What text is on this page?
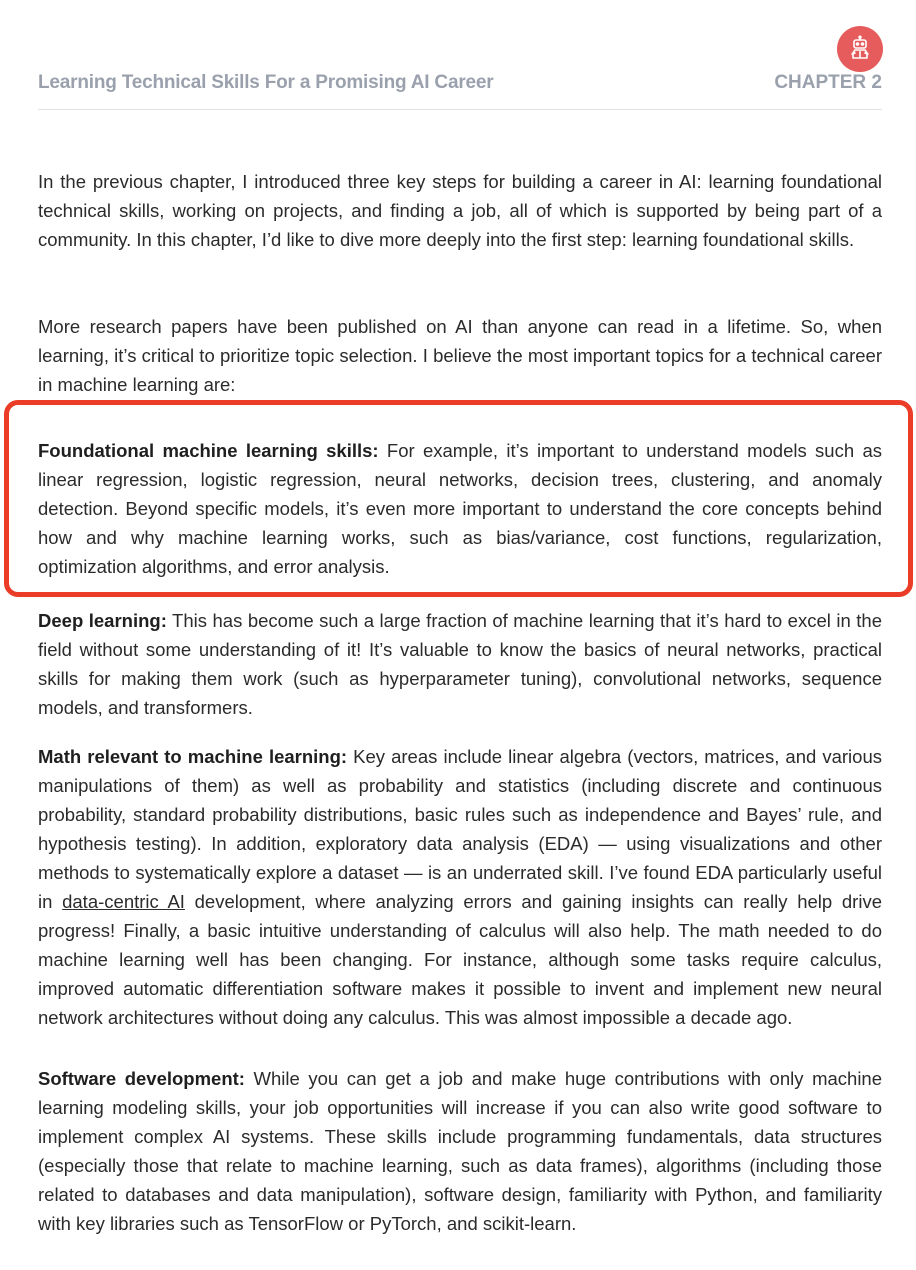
Learning Technical Skills For a Promising AI Career	CHAPTER 2

In the previous chapter, I introduced three key steps for building a career in AI: learning foundational technical skills, working on projects, and finding a job, all of which is supported by being part of a community. In this chapter, I’d like to dive more deeply into the first step: learning foundational skills.

More research papers have been published on AI than anyone can read in a lifetime. So, when learning, it’s critical to prioritize topic selection. I believe the most important topics for a technical career in machine learning are:

Foundational machine learning skills: For example, it’s important to understand models such as linear regression, logistic regression, neural networks, decision trees, clustering, and anomaly detection. Beyond specific models, it’s even more important to understand the core concepts behind how and why machine learning works, such as bias/variance, cost functions, regularization, optimization algorithms, and error analysis.

Deep learning: This has become such a large fraction of machine learning that it’s hard to excel in the field without some understanding of it! It’s valuable to know the basics of neural networks, practical skills for making them work (such as hyperparameter tuning), convolutional networks, sequence models, and transformers.

Math relevant to machine learning: Key areas include linear algebra (vectors, matrices, and various manipulations of them) as well as probability and statistics (including discrete and continuous probability, standard probability distributions, basic rules such as independence and Bayes’ rule, and hypothesis testing). In addition, exploratory data analysis (EDA) — using visualizations and other methods to systematically explore a dataset — is an underrated skill. I’ve found EDA particularly useful in data-centric AI development, where analyzing errors and gaining insights can really help drive progress! Finally, a basic intuitive understanding of calculus will also help. The math needed to do machine learning well has been changing. For instance, although some tasks require calculus, improved automatic differentiation software makes it possible to invent and implement new neural network architectures without doing any calculus. This was almost impossible a decade ago.

Software development: While you can get a job and make huge contributions with only machine learning modeling skills, your job opportunities will increase if you can also write good software to implement complex AI systems. These skills include programming fundamentals, data structures (especially those that relate to machine learning, such as data frames), algorithms (including those related to databases and data manipulation), software design, familiarity with Python, and familiarity with key libraries such as TensorFlow or PyTorch, and scikit-learn.
